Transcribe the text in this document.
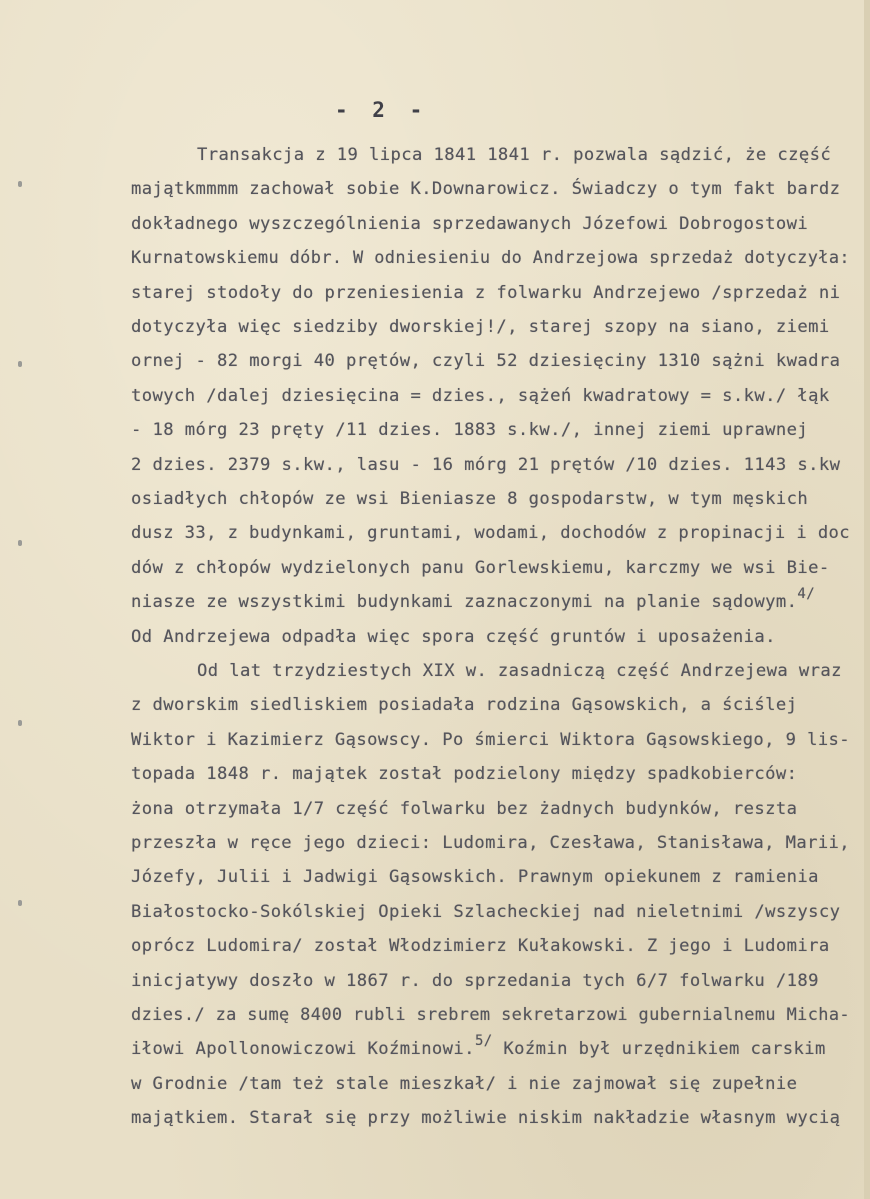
- 2 -
Transakcja z 19 lipca 1841 1841 r. pozwala sądzić, że część
majątkmmmm zachował sobie K.Downarowicz. Świadczy o tym fakt bardz
dokładnego wyszczególnienia sprzedawanych Józefowi Dobrogostowi
Kurnatowskiemu dóbr. W odniesieniu do Andrzejowa sprzedaż dotyczyła:
starej stodoły do przeniesienia z folwarku Andrzejewo /sprzedaż ni
dotyczyła więc siedziby dworskiej!/, starej szopy na siano, ziemi
ornej - 82 morgi 40 prętów, czyli 52 dziesięciny 1310 sążni kwadra
towych /dalej dziesięcina = dzies., sążeń kwadratowy = s.kw./ łąk
- 18 mórg 23 pręty /11 dzies. 1883 s.kw./, innej ziemi uprawnej
2 dzies. 2379 s.kw., lasu - 16 mórg 21 prętów /10 dzies. 1143 s.kw
osiadłych chłopów ze wsi Bieniasze 8 gospodarstw, w tym męskich
dusz 33, z budynkami, gruntami, wodami, dochodów z propinacji i doc
dów z chłopów wydzielonych panu Gorlewskiemu, karczmy we wsi Bie-
niasze ze wszystkimi budynkami zaznaczonymi na planie sądowym.$^{4/}$
Od Andrzejewa odpadła więc spora część gruntów i uposażenia.
Od lat trzydziestych XIX w. zasadniczą część Andrzejewa wraz
z dworskim siedliskiem posiadała rodzina Gąsowskich, a ściślej
Wiktor i Kazimierz Gąsowscy. Po śmierci Wiktora Gąsowskiego, 9 lis-
topada 1848 r. majątek został podzielony między spadkobierców:
żona otrzymała 1/7 część folwarku bez żadnych budynków, reszta
przeszła w ręce jego dzieci: Ludomira, Czesława, Stanisława, Marii,
Józefy, Julii i Jadwigi Gąsowskich. Prawnym opiekunem z ramienia
Białostocko-Sokólskiej Opieki Szlacheckiej nad nieletnimi /wszyscy
oprócz Ludomira/ został Włodzimierz Kułakowski. Z jego i Ludomira
inicjatywy doszło w 1867 r. do sprzedania tych 6/7 folwarku /189
dzies./ za sumę 8400 rubli srebrem sekretarzowi gubernialnemu Micha-
iłowi Apollonowiczowi Koźminowi.$^{5/}$ Koźmin był urzędnikiem carskim
w Grodnie /tam też stale mieszkał/ i nie zajmował się zupełnie
majątkiem. Starał się przy możliwie niskim nakładzie własnym wycią
